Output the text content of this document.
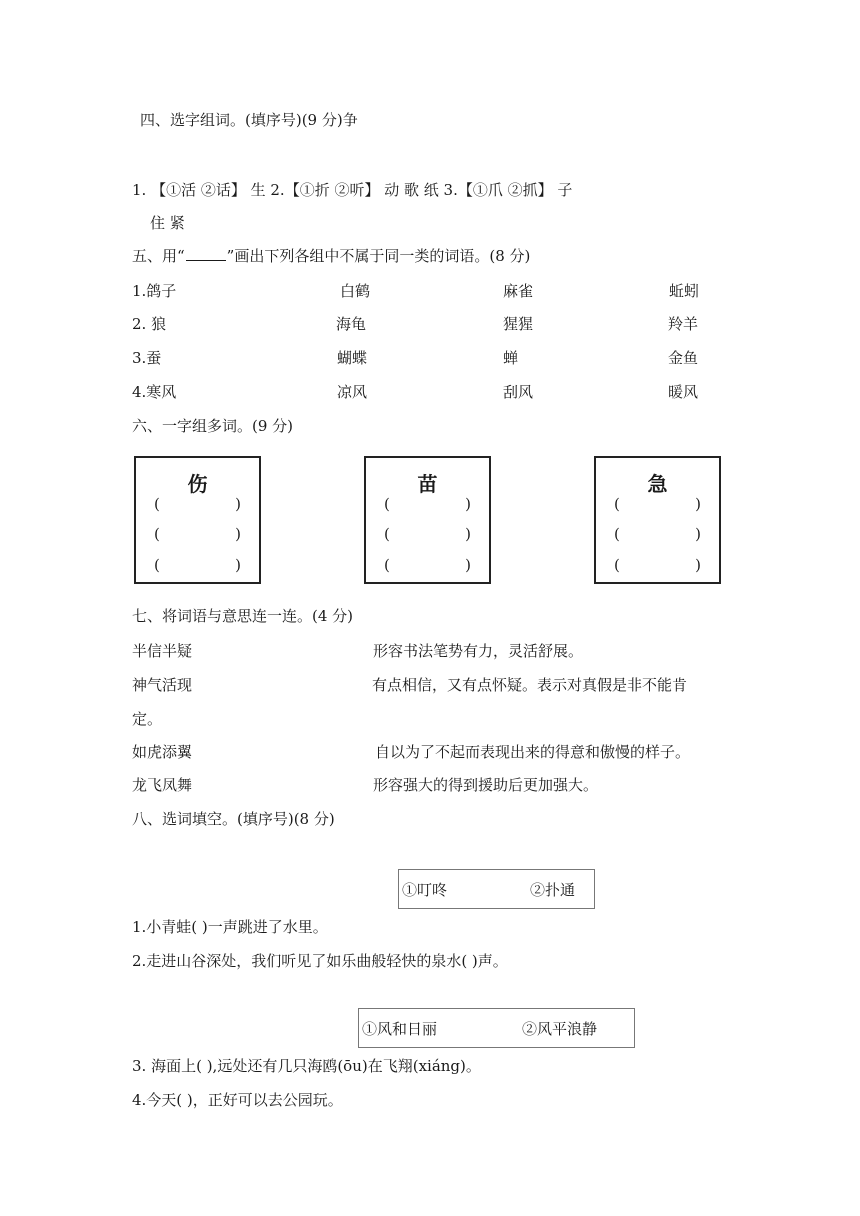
四、选字组词。(填序号)(9 分)争
1. 【①活 ②话】 生 2.【①折 ②听】 动 歌 纸 3.【①爪 ②抓】 子
住 紧
五、用“	”画出下列各组中不属于同一类的词语。(8 分)
1.鸽子	白鹤	麻雀	蚯蚓
2. 狼	海龟	猩猩	羚羊
3.蚕	蝴蝶	蝉	金鱼
4.寒风	凉风	刮风	暖风
六、一字组多词。(9 分)
伤
(	)
(	)
(	)
苗
(	)
(	)
(	)
急
(	)
(	)
(	)
七、将词语与意思连一连。(4 分)
半信半疑	形容书法笔势有力，灵活舒展。
神气活现	有点相信，又有点怀疑。表示对真假是非不能肯
定。
如虎添翼	自以为了不起而表现出来的得意和傲慢的样子。
龙飞凤舞	形容强大的得到援助后更加强大。
八、选词填空。(填序号)(8 分)
①叮咚	②扑通
1.小青蛙( )一声跳进了水里。
2.走进山谷深处，我们听见了如乐曲般轻快的泉水( )声。
①风和日丽	②风平浪静
3. 海面上( ),远处还有几只海鸥(ōu)在飞翔(xiáng)。
4.今天( )，正好可以去公园玩。
